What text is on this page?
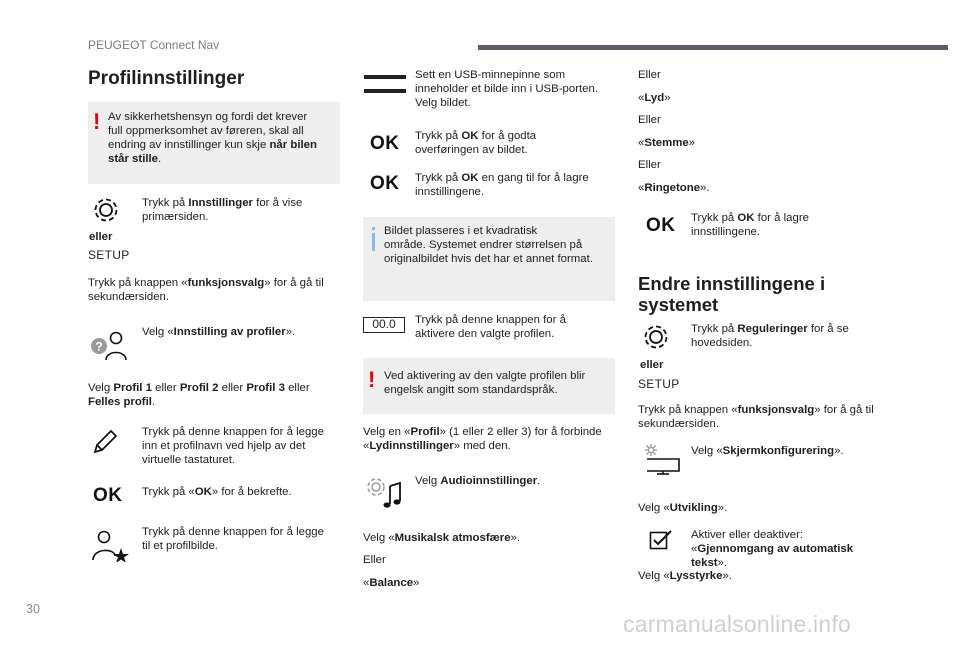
PEUGEOT Connect Nav
Profilinnstillinger
! Av sikkerhetshensyn og fordi det krever
full oppmerksomhet av føreren, skal all
endring av innstillinger kun skje når bilen
står stille.
eller
SETUP
Trykk på Innstillinger for å vise
primærsiden.
Trykk på knappen «funksjonsvalg» for å gå til
sekundærsiden.
?
Velg «Innstilling av profiler».
Velg Profil 1 eller Profil 2 eller Profil 3 eller
Felles profil.
Trykk på denne knappen for å legge
inn et profilnavn ved hjelp av det
virtuelle tastaturet.
OK Trykk på «OK» for å bekrefte.
Trykk på denne knappen for å legge
til et profilbilde.
Sett en USB-minnepinne som
inneholder et bilde inn i USB-porten.
Velg bildet.
OK Trykk på OK for å godta
overføringen av bildet.
OK Trykk på OK en gang til for å lagre
innstillingene.
Bildet plasseres i et kvadratisk
område. Systemet endrer størrelsen på
originalbildet hvis det har et annet format.
00.0	Trykk på denne knappen for å
aktivere den valgte profilen.
! Ved aktivering av den valgte profilen blir
engelsk angitt som standardspråk.
Velg en «Profil» (1 eller 2 eller 3) for å forbinde
«Lydinnstillinger» med den.
Velg Audioinnstillinger.
Velg «Musikalsk atmosfære».
Eller
«Balance»
Eller
«Lyd»
Eller
«Stemme»
Eller
«Ringetone».
OK Trykk på OK for å lagre
innstillingene.
Endre innstillingene i
systemet
eller
SETUP
Trykk på Reguleringer for å se
hovedsiden.
Trykk på knappen «funksjonsvalg» for å gå til
sekundærsiden.
Velg «Skjermkonfigurering».
Velg «Utvikling».
Aktiver eller deaktiver:
«Gjennomgang av automatisk
tekst».
Velg «Lysstyrke».
30
carmanualsonline.info
